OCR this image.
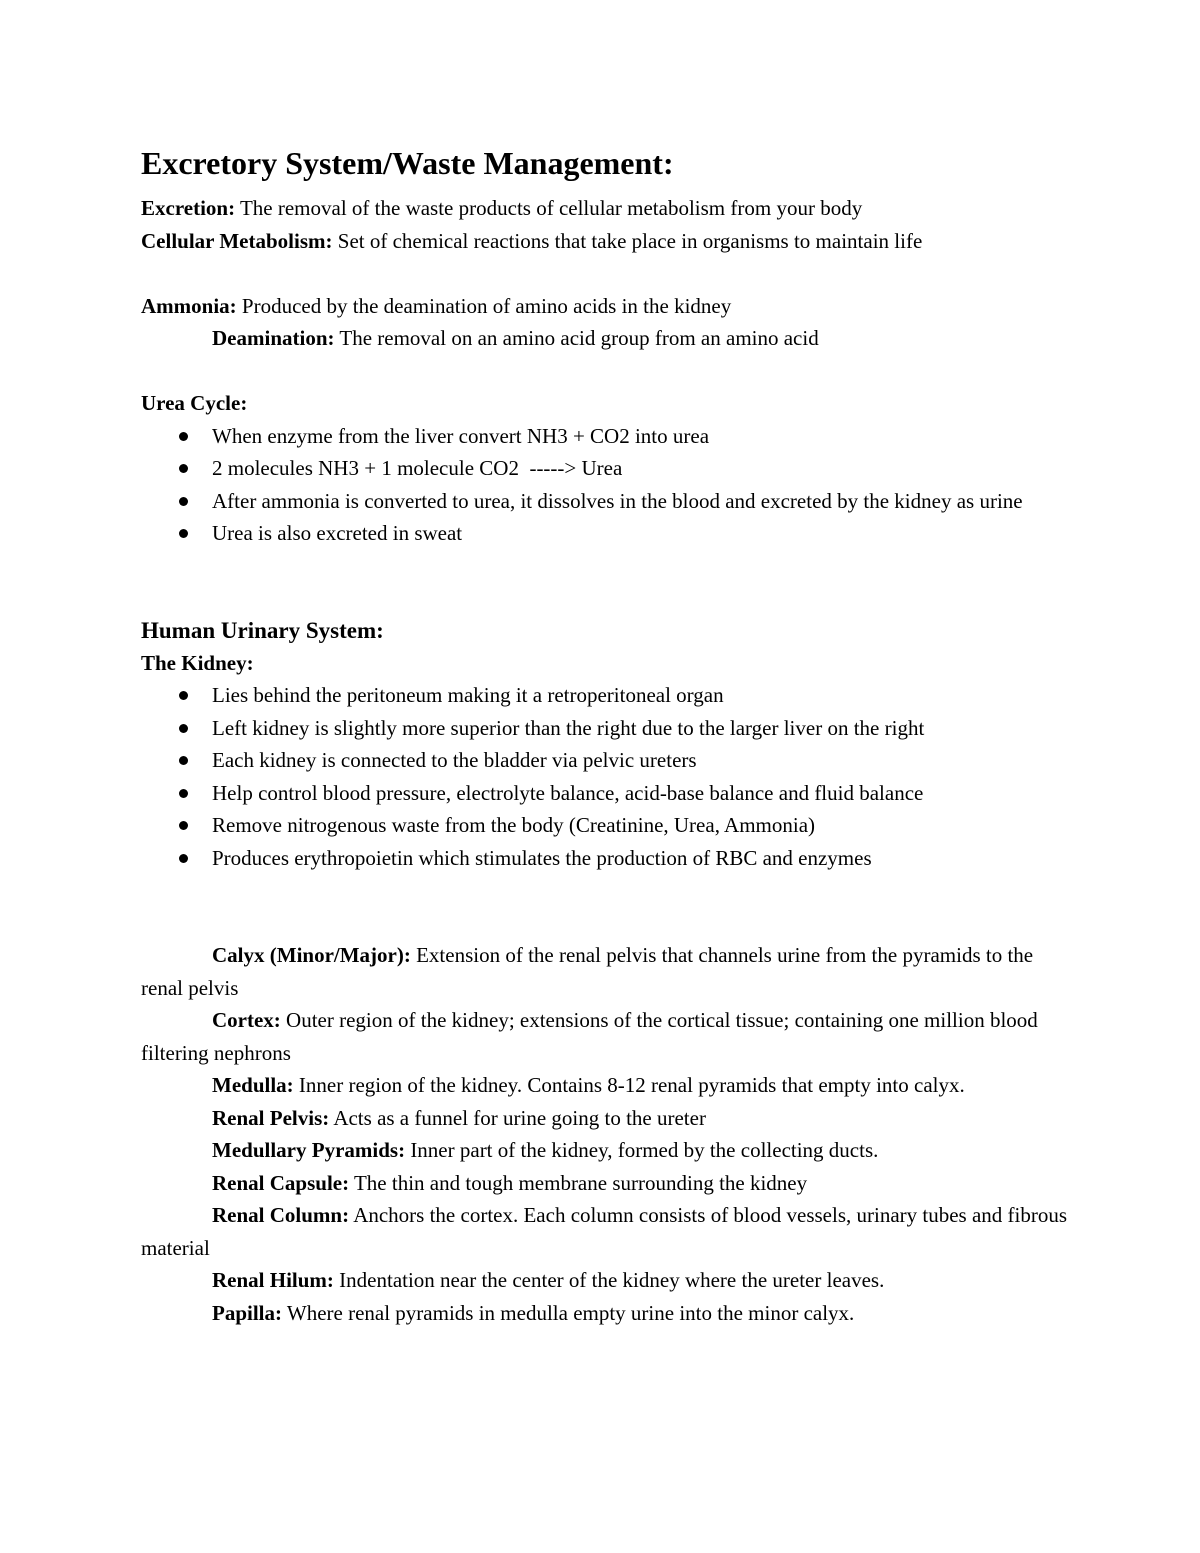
Excretory System/Waste Management:

Excretion: The removal of the waste products of cellular metabolism from your body

Cellular Metabolism: Set of chemical reactions that take place in organisms to maintain life

Ammonia: Produced by the deamination of amino acids in the kidney

Deamination: The removal on an amino acid group from an amino acid

Urea Cycle:

When enzyme from the liver convert NH3 + CO2 into urea
2 molecules NH3 + 1 molecule CO2  -----> Urea
After ammonia is converted to urea, it dissolves in the blood and excreted by the kidney as urine
Urea is also excreted in sweat

Human Urinary System:

The Kidney:

Lies behind the peritoneum making it a retroperitoneal organ
Left kidney is slightly more superior than the right due to the larger liver on the right
Each kidney is connected to the bladder via pelvic ureters
Help control blood pressure, electrolyte balance, acid-base balance and fluid balance
Remove nitrogenous waste from the body (Creatinine, Urea, Ammonia)
Produces erythropoietin which stimulates the production of RBC and enzymes

Calyx (Minor/Major): Extension of the renal pelvis that channels urine from the pyramids to the renal pelvis

Cortex: Outer region of the kidney; extensions of the cortical tissue; containing one million blood filtering nephrons

Medulla: Inner region of the kidney. Contains 8-12 renal pyramids that empty into calyx.

Renal Pelvis: Acts as a funnel for urine going to the ureter

Medullary Pyramids: Inner part of the kidney, formed by the collecting ducts.

Renal Capsule: The thin and tough membrane surrounding the kidney

Renal Column: Anchors the cortex. Each column consists of blood vessels, urinary tubes and fibrous material

Renal Hilum: Indentation near the center of the kidney where the ureter leaves.

Papilla: Where renal pyramids in medulla empty urine into the minor calyx.
